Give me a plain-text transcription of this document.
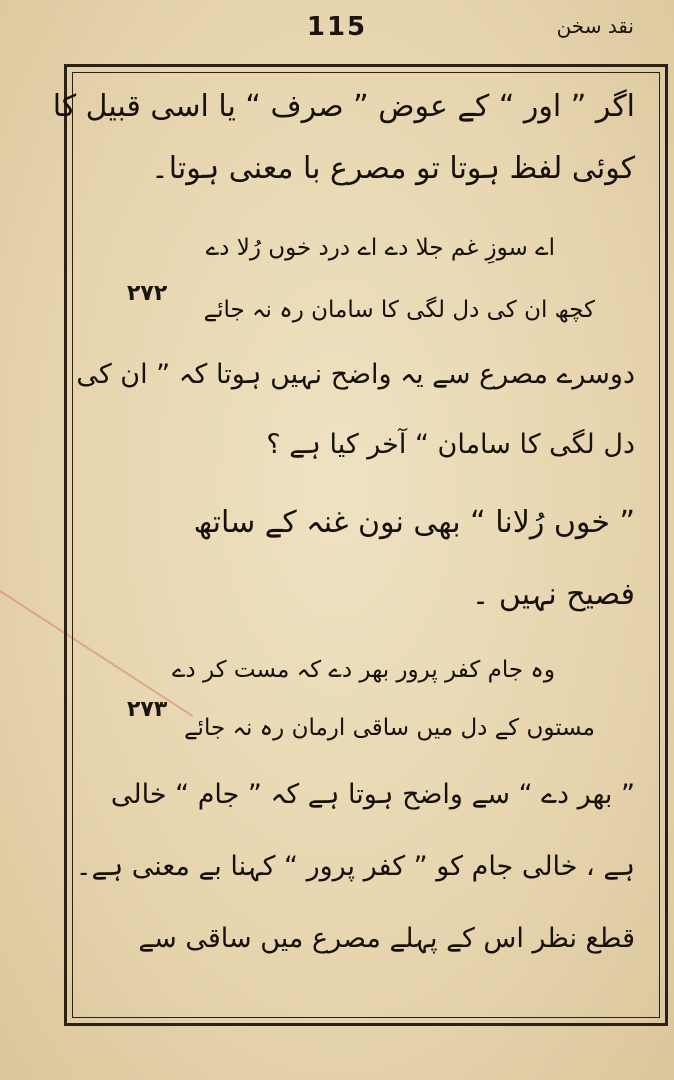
نقد سخن
115
اگر ” اور “ کے عوض ” صرف “ یا اسی قبیل کا
کوئی لفظ ہوتا تو مصرع با معنی ہوتا۔
اے سوزِ غم جلا دے اے درد خوں رُلا دے
کچھ ان کی دل لگی کا سامان رہ نہ جائے
۲۷۲
دوسرے مصرع سے یہ واضح نہیں ہوتا کہ ” ان کی
دل لگی کا سامان “ آخر کیا ہے ؟
” خوں رُلانا “ بھی نون غنہ کے ساتھ
فصیح نہیں ۔
وہ جام کفر پرور بھر دے کہ مست کر دے
مستوں کے دل میں ساقی ارمان رہ نہ جائے
۲۷۳
” بھر دے “ سے واضح ہوتا ہے کہ ” جام “ خالی
ہے ، خالی جام کو ” کفر پرور “ کہنا بے معنی ہے۔
قطع نظر اس کے پہلے مصرع میں ساقی سے
